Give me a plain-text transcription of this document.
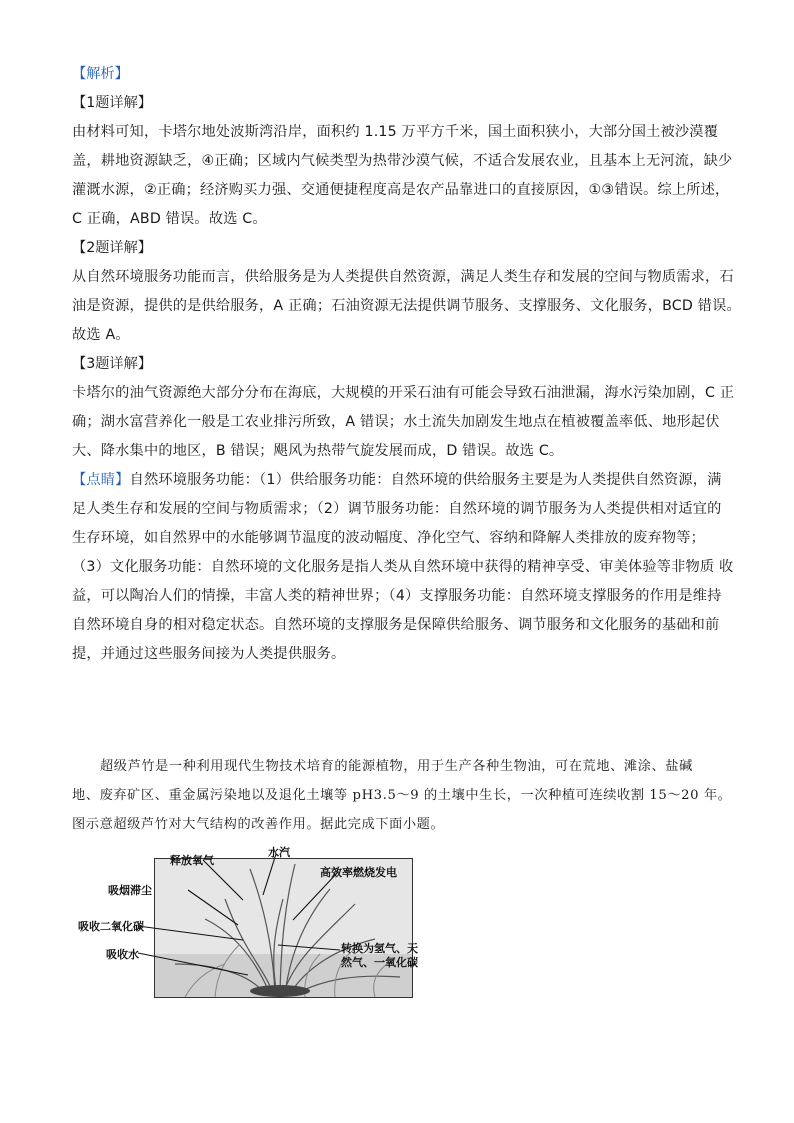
【解析】
【1题详解】
由材料可知，卡塔尔地处波斯湾沿岸，面积约 1.15 万平方千米，国土面积狭小，大部分国土被沙漠覆
盖，耕地资源缺乏，④正确；区域内气候类型为热带沙漠气候，不适合发展农业，且基本上无河流，缺少
灌溉水源，②正确；经济购买力强、交通便捷程度高是农产品靠进口的直接原因，①③错误。综上所述，
C 正确，ABD 错误。故选 C。
【2题详解】
从自然环境服务功能而言，供给服务是为人类提供自然资源，满足人类生存和发展的空间与物质需求，石
油是资源，提供的是供给服务，A 正确；石油资源无法提供调节服务、支撑服务、文化服务，BCD 错误。
故选 A。
【3题详解】
卡塔尔的油气资源绝大部分分布在海底，大规模的开采石油有可能会导致石油泄漏，海水污染加剧，C 正
确；湖水富营养化一般是工农业排污所致，A 错误；水土流失加剧发生地点在植被覆盖率低、地形起伏
大、降水集中的地区，B 错误；飓风为热带气旋发展而成，D 错误。故选 C。
【点睛】自然环境服务功能：（1）供给服务功能：自然环境的供给服务主要是为人类提供自然资源，满
足人类生存和发展的空间与物质需求；（2）调节服务功能：自然环境的调节服务为人类提供相对适宜的
生存环境，如自然界中的水能够调节温度的波动幅度、净化空气、容纳和降解人类排放的废弃物等；
（3）文化服务功能：自然环境的文化服务是指人类从自然环境中获得的精神享受、审美体验等非物质 收
益，可以陶冶人们的情操，丰富人类的精神世界；（4）支撑服务功能：自然环境支撑服务的作用是维持
自然环境自身的相对稳定状态。自然环境的支撑服务是保障供给服务、调节服务和文化服务的基础和前
提，并通过这些服务间接为人类提供服务。
超级芦竹是一种利用现代生物技术培育的能源植物，用于生产各种生物油，可在荒地、滩涂、盐碱
地、废弃矿区、重金属污染地以及退化土壤等 pH3.5～9 的土壤中生长，一次种植可连续收割 15～20 年。
图示意超级芦竹对大气结构的改善作用。据此完成下面小题。
释放氧气
水汽
高效率燃烧发电
吸烟滞尘
吸收二氧化碳
吸收水	转换为氢气、天
然气、一氧化碳
